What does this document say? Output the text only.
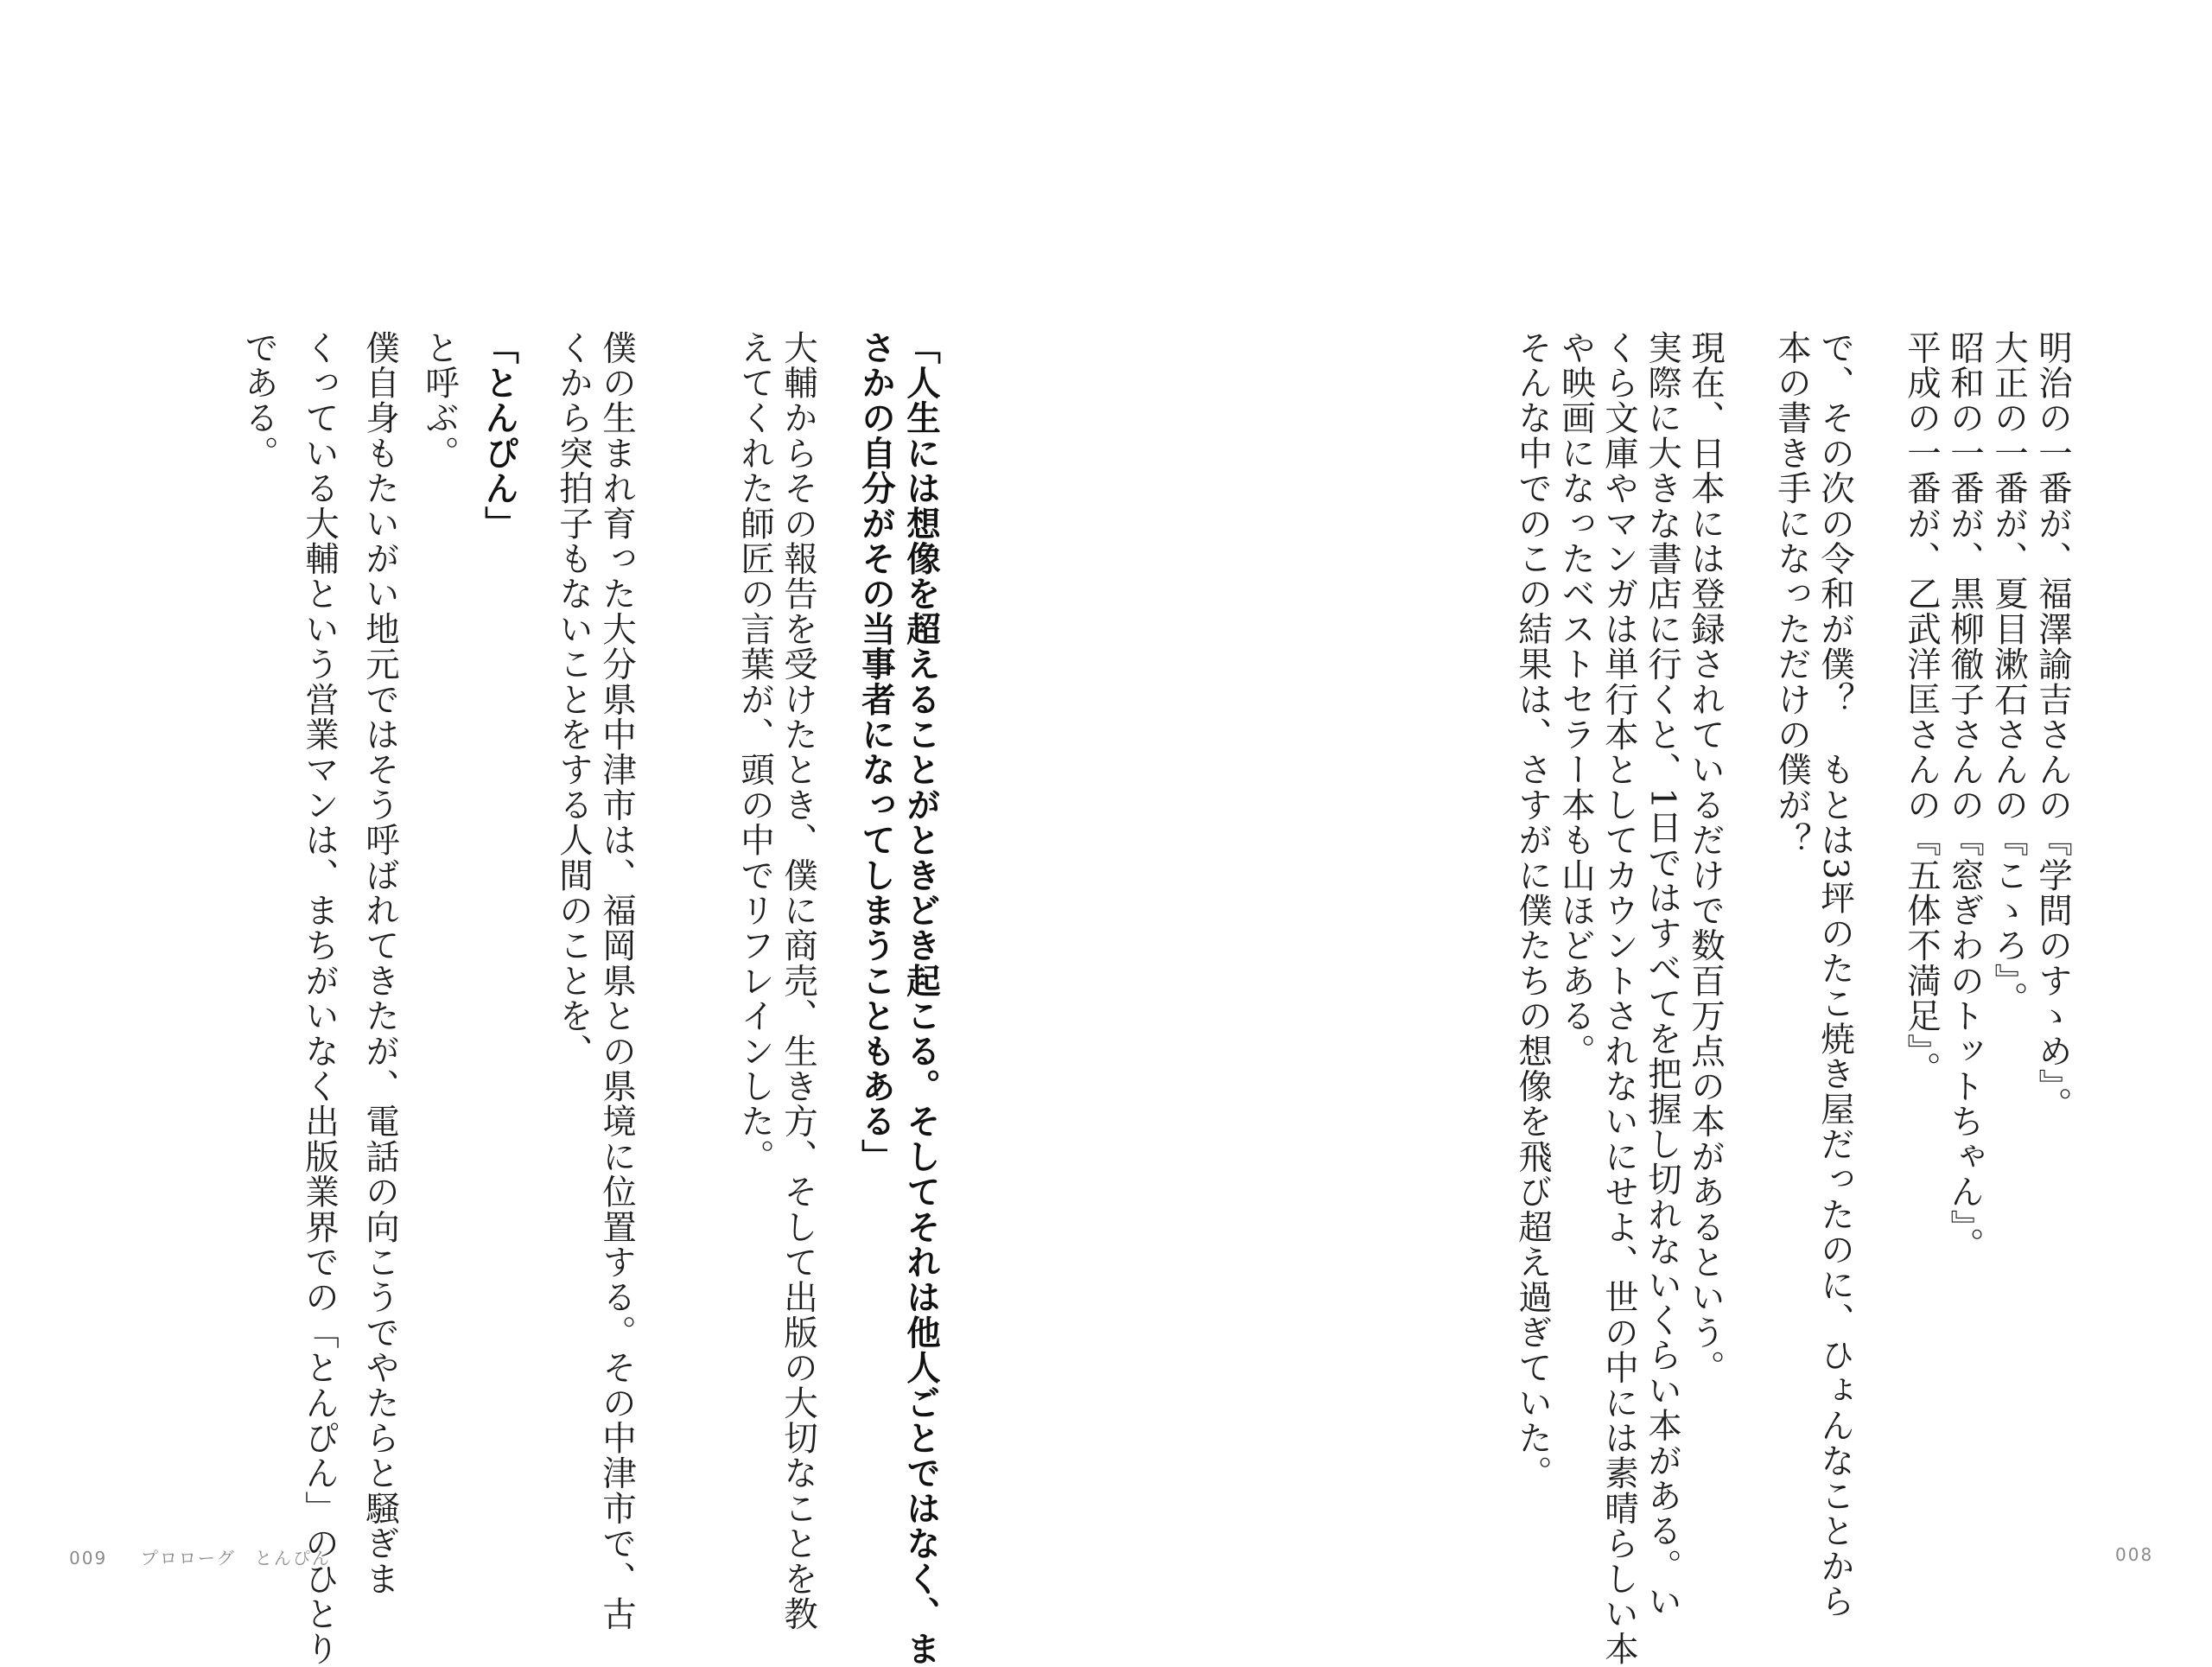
明治の一番が、福澤諭吉さんの『学問のすゝめ』。
大正の一番が、夏目漱石さんの『こゝろ』。
昭和の一番が、黒柳徹子さんの『窓ぎわのトットちゃん』。
平成の一番が、乙武洋匡さんの『五体不満足』。
で、その次の令和が僕？　もとは3坪のたこ焼き屋だったのに、ひょんなことから
本の書き手になっただけの僕が？
現在、日本には登録されているだけで数百万点の本があるという。
実際に大きな書店に行くと、1日ではすべてを把握し切れないくらい本がある。い
くら文庫やマンガは単行本としてカウントされないにせよ、世の中には素晴らしい本
や映画になったベストセラー本も山ほどある。
そんな中でのこの結果は、さすがに僕たちの想像を飛び超え過ぎていた。
008
「人生には想像を超えることがときどき起こる。そしてそれは他人ごとではなく、ま
さかの自分がその当事者になってしまうこともある」
大輔からその報告を受けたとき、僕に商売、生き方、そして出版の大切なことを教
えてくれた師匠の言葉が、頭の中でリフレインした。
僕の生まれ育った大分県中津市は、福岡県との県境に位置する。その中津市で、古
くから突拍子もないことをする人間のことを、
「とんぴん」
と呼ぶ。
僕自身もたいがい地元ではそう呼ばれてきたが、電話の向こうでやたらと騒ぎま
くっている大輔という営業マンは、まちがいなく出版業界での「とんぴん」のひとり
である。
009 プロローグ　とんぴん
